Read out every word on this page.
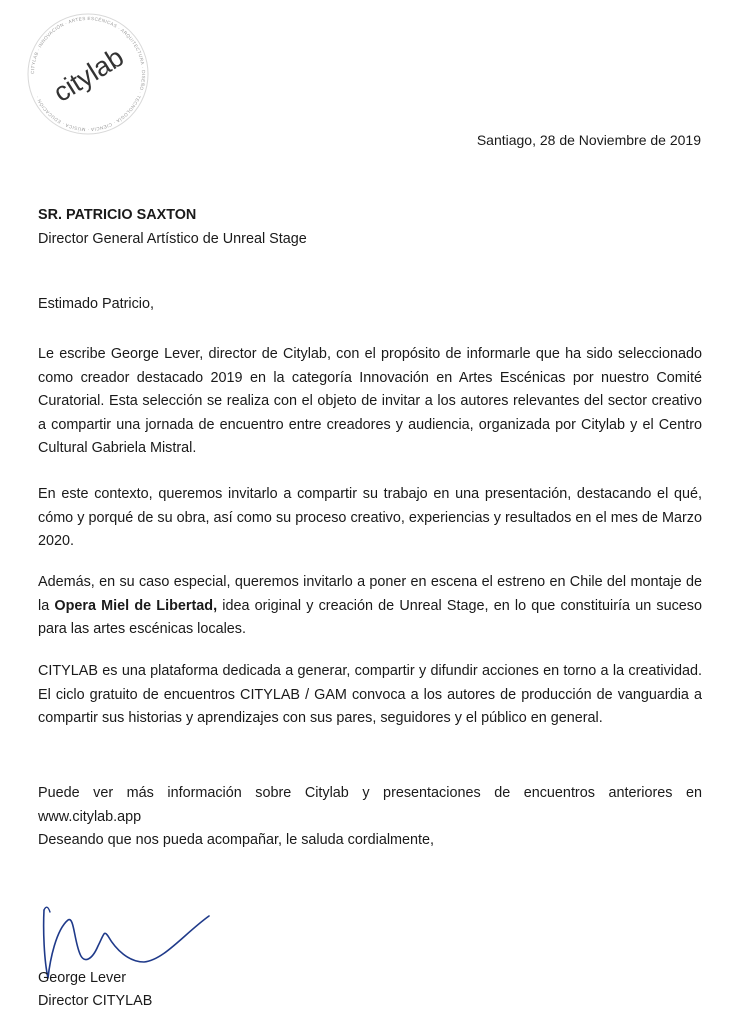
CITYLAB · INNOVACIÓN · ARTES ESCÉNICAS · ARQUITECTURA · DISEÑO · TECNOLOGÍA · CIENCIA · MÚSICA · EDUCACIÓN · citylab
Santiago, 28 de Noviembre de 2019
SR. PATRICIO SAXTON
Director General Artístico de Unreal Stage
Estimado Patricio,
Le escribe George Lever, director de Citylab, con el propósito de informarle que ha sido seleccionado como creador destacado 2019 en la categoría Innovación en Artes Escénicas por nuestro Comité Curatorial. Esta selección se realiza con el objeto de invitar a los autores relevantes del sector creativo a compartir una jornada de encuentro entre creadores y audiencia, organizada por Citylab y el Centro Cultural Gabriela Mistral.
En este contexto, queremos invitarlo a compartir su trabajo en una presentación, destacando el qué, cómo y porqué de su obra, así como su proceso creativo, experiencias y resultados en el mes de Marzo 2020.
Además, en su caso especial, queremos invitarlo a poner en escena el estreno en Chile del montaje de la Opera Miel de Libertad, idea original y creación de Unreal Stage, en lo que constituiría un suceso para las artes escénicas locales.
CITYLAB es una plataforma dedicada a generar, compartir y difundir acciones en torno a la creatividad. El ciclo gratuito de encuentros CITYLAB / GAM convoca a los autores de producción de vanguardia a compartir sus historias y aprendizajes con sus pares, seguidores y el público en general.
Puede ver más información sobre Citylab y presentaciones de encuentros anteriores en www.citylab.app
Deseando que nos pueda acompañar, le saluda cordialmente,
George Lever
Director CITYLAB
